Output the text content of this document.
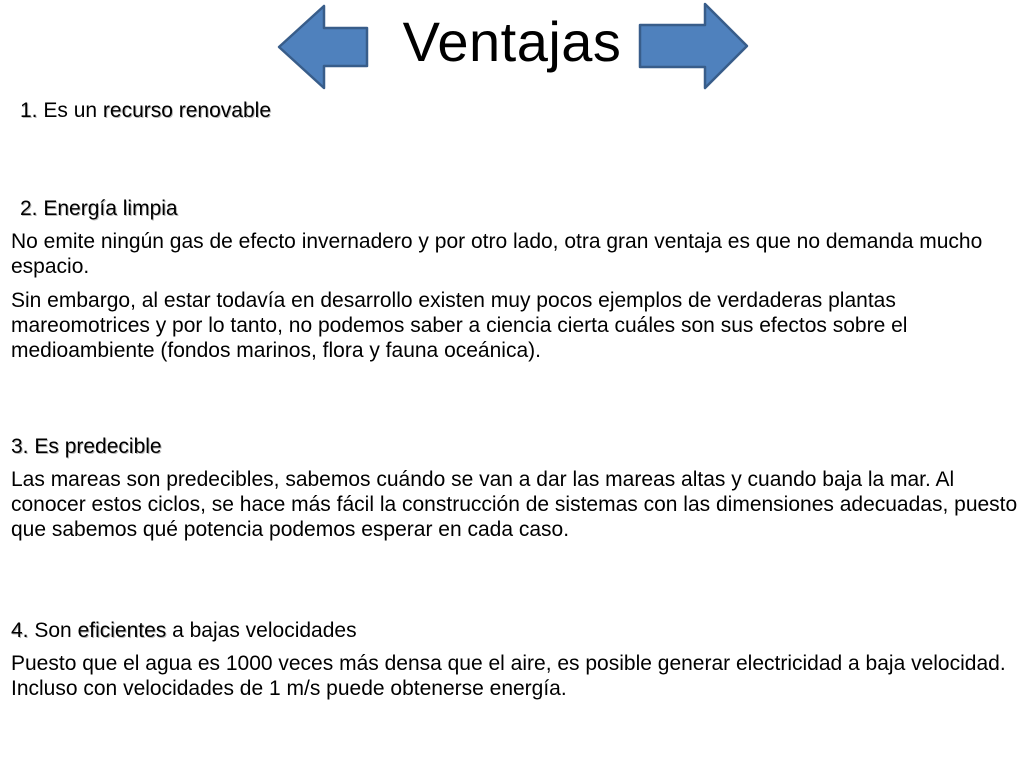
Ventajas
1. Es un recurso renovable
2. Energía limpia
No emite ningún gas de efecto invernadero y por otro lado, otra gran ventaja es que no demanda mucho espacio.
Sin embargo, al estar todavía en desarrollo existen muy pocos ejemplos de verdaderas plantas mareomotrices y por lo tanto, no podemos saber a ciencia cierta cuáles son sus efectos sobre el medioambiente (fondos marinos, flora y fauna oceánica).
3. Es predecible
Las mareas son predecibles, sabemos cuándo se van a dar las mareas altas y cuando baja la mar. Al conocer estos ciclos, se hace más fácil la construcción de sistemas con las dimensiones adecuadas, puesto que sabemos qué potencia podemos esperar en cada caso.
4. Son eficientes a bajas velocidades
Puesto que el agua es 1000 veces más densa que el aire, es posible generar electricidad a baja velocidad. Incluso con velocidades de 1 m/s puede obtenerse energía.
